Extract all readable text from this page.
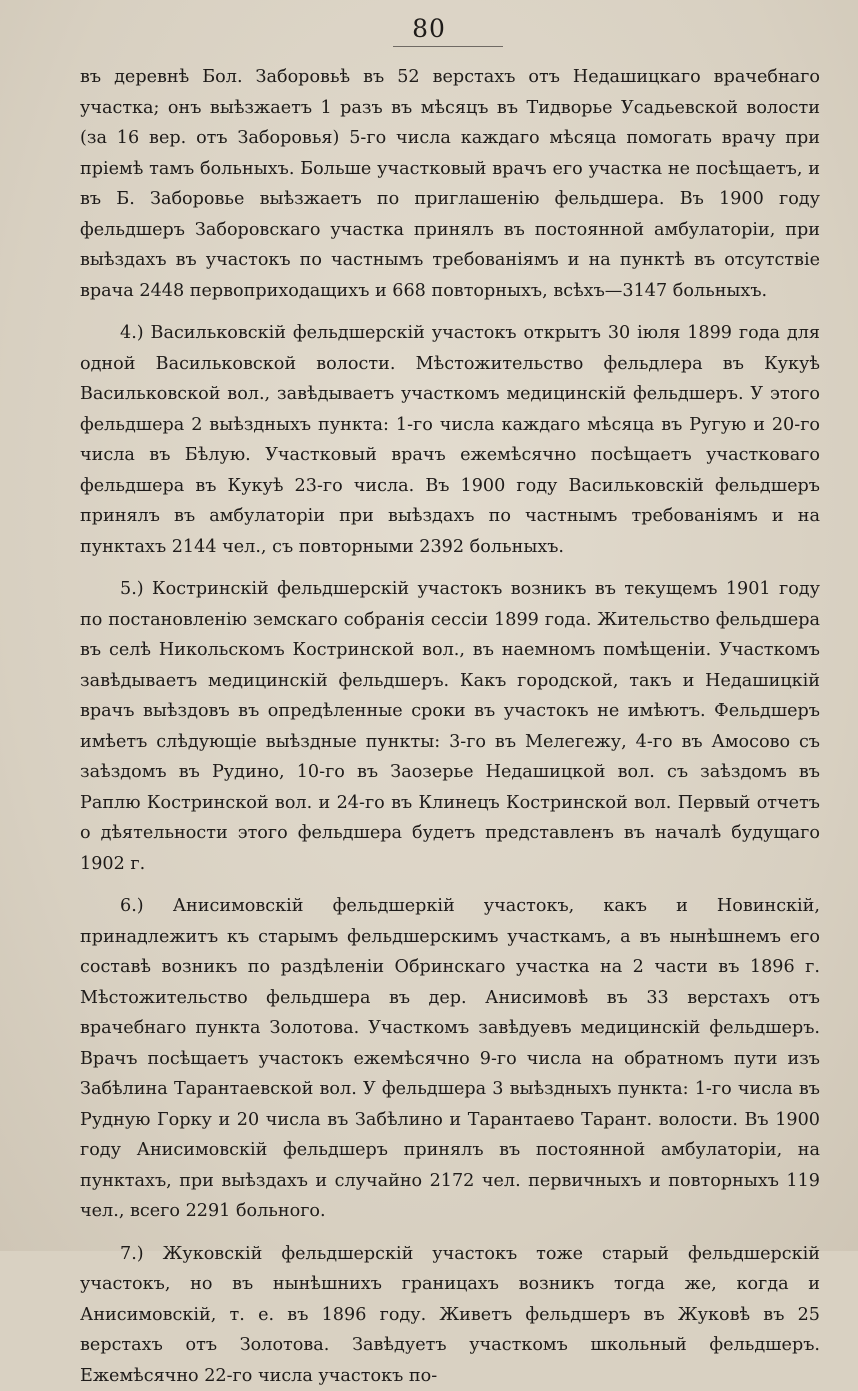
80

въ деревнѣ Бол. Заборовьѣ въ 52 верстахъ отъ Недашицкаго врачебнаго участка; онъ выѣзжаетъ 1 разъ въ мѣсяцъ въ Тидворье Усадьевской волости (за 16 вер. отъ Заборовья) 5-го числа каждаго мѣсяца помогать врачу при пріемѣ тамъ больныхъ. Больше участковый врачъ его участка не посѣщаетъ, и въ Б. Заборовье выѣзжаетъ по приглашенію фельдшера. Въ 1900 году фельдшеръ Заборовскаго участка принялъ въ постоянной амбулаторіи, при выѣздахъ въ участокъ по частнымъ требованіямъ и на пунктѣ въ отсутствіе врача 2448 первоприходащихъ и 668 повторныхъ, всѣхъ—3147 больныхъ.

4.) Васильковскій фельдшерскій участокъ открытъ 30 іюля 1899 года для одной Васильковской волости. Мѣстожительство фельдлера въ Кукуѣ Васильковской вол., завѣдываетъ участкомъ медицинскій фельдшеръ. У этого фельдшера 2 выѣздныхъ пункта: 1-го числа каждаго мѣсяца въ Ругую и 20-го числа въ Бѣлую. Участковый врачъ ежемѣсячно посѣщаетъ участковаго фельдшера въ Кукуѣ 23-го числа. Въ 1900 году Васильковскій фельдшеръ принялъ въ амбулаторіи при выѣздахъ по частнымъ требованіямъ и на пунктахъ 2144 чел., съ повторными 2392 больныхъ.

5.) Костринскій фельдшерскій участокъ возникъ въ текущемъ 1901 году по постановленію земскаго собранія сессіи 1899 года. Жительство фельдшера въ селѣ Никольскомъ Костринской вол., въ наемномъ помѣщеніи. Участкомъ завѣдываетъ медицинскій фельдшеръ. Какъ городской, такъ и Недашицкій врачъ выѣздовъ въ опредѣленные сроки въ участокъ не имѣютъ. Фельдшеръ имѣетъ слѣдующіе выѣздные пункты: 3-го въ Мелегежу, 4-го въ Амосово съ заѣздомъ въ Рудино, 10-го въ Заозерье Недашицкой вол. съ заѣздомъ въ Раплю Костринской вол. и 24-го въ Клинецъ Костринской вол. Первый отчетъ о дѣятельности этого фельдшера будетъ представленъ въ началѣ будущаго 1902 г.

6.) Анисимовскій фельдшеркій участокъ, какъ и Новинскій, принадлежитъ къ старымъ фельдшерскимъ участкамъ, а въ нынѣшнемъ его составѣ возникъ по раздѣленіи Обринскаго участка на 2 части въ 1896 г. Мѣстожительство фельдшера въ дер. Анисимовѣ въ 33 верстахъ отъ врачебнаго пункта Золотова. Участкомъ завѣдуевъ медицинскій фельдшеръ. Врачъ посѣщаетъ участокъ ежемѣсячно 9-го числа на обратномъ пути изъ Забѣлина Тарантаевской вол. У фельдшера 3 выѣздныхъ пункта: 1-го числа въ Рудную Горку и 20 числа въ Забѣлино и Тарантаево Тарант. волости. Въ 1900 году Анисимовскій фельдшеръ принялъ въ постоянной амбулаторіи, на пунктахъ, при выѣздахъ и случайно 2172 чел. первичныхъ и повторныхъ 119 чел., всего 2291 больного.

7.) Жуковскій фельдшерскій участокъ тоже старый фельдшерскій участокъ, но въ нынѣшнихъ границахъ возникъ тогда же, когда и Анисимовскій, т. е. въ 1896 году. Живетъ фельдшеръ въ Жуковѣ въ 25 верстахъ отъ Золотова. Завѣдуетъ участкомъ школьный фельдшеръ. Ежемѣсячно 22-го числа участокъ по-
